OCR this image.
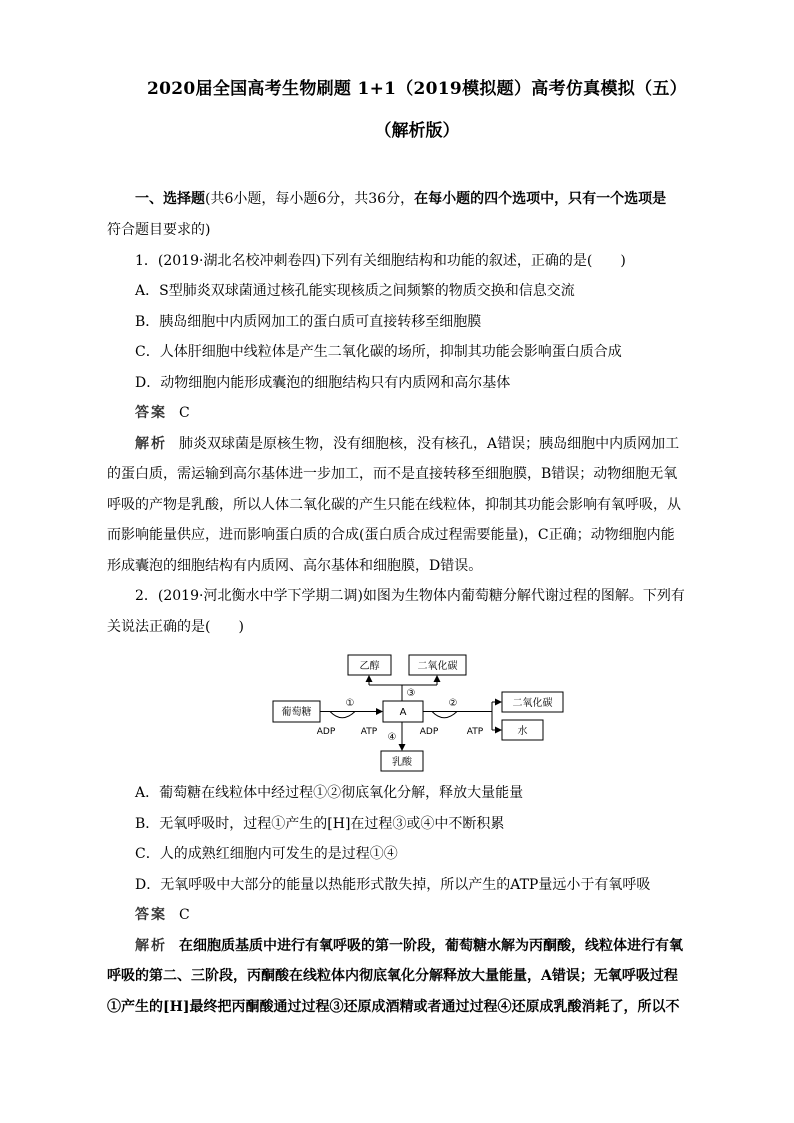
2020届全国高考生物刷题 1+1（2019模拟题）高考仿真模拟（五）
（解析版）

一、选择题(共6小题，每小题6分，共36分，在每小题的四个选项中，只有一个选项是

符合题目要求的)

1．(2019·湖北名校冲刺卷四)下列有关细胞结构和功能的叙述，正确的是(　　)

A．S型肺炎双球菌通过核孔能实现核质之间频繁的物质交换和信息交流

B．胰岛细胞中内质网加工的蛋白质可直接转移至细胞膜

C．人体肝细胞中线粒体是产生二氧化碳的场所，抑制其功能会影响蛋白质合成

D．动物细胞内能形成囊泡的细胞结构只有内质网和高尔基体

答案 C

解析 肺炎双球菌是原核生物，没有细胞核，没有核孔，A错误；胰岛细胞中内质网加工

的蛋白质，需运输到高尔基体进一步加工，而不是直接转移至细胞膜，B错误；动物细胞无氧

呼吸的产物是乳酸，所以人体二氧化碳的产生只能在线粒体，抑制其功能会影响有氧呼吸，从

而影响能量供应，进而影响蛋白质的合成(蛋白质合成过程需要能量)，C正确；动物细胞内能

形成囊泡的细胞结构有内质网、高尔基体和细胞膜，D错误。

2．(2019·河北衡水中学下学期二调)如图为生物体内葡萄糖分解代谢过程的图解。下列有

关说法正确的是(　　)

葡萄糖	A
乙醇	二氧化碳
二氧化碳
水
乳酸
①	②
③
④
ADP	ATP	ADP	ATP

A．葡萄糖在线粒体中经过程①②彻底氧化分解，释放大量能量

B．无氧呼吸时，过程①产生的[H]在过程③或④中不断积累

C．人的成熟红细胞内可发生的是过程①④

D．无氧呼吸中大部分的能量以热能形式散失掉，所以产生的ATP量远小于有氧呼吸

答案 C

解析 在细胞质基质中进行有氧呼吸的第一阶段，葡萄糖水解为丙酮酸，线粒体进行有氧

呼吸的第二、三阶段，丙酮酸在线粒体内彻底氧化分解释放大量能量，A错误；无氧呼吸过程

①产生的[H]最终把丙酮酸通过过程③还原成酒精或者通过过程④还原成乳酸消耗了，所以不
